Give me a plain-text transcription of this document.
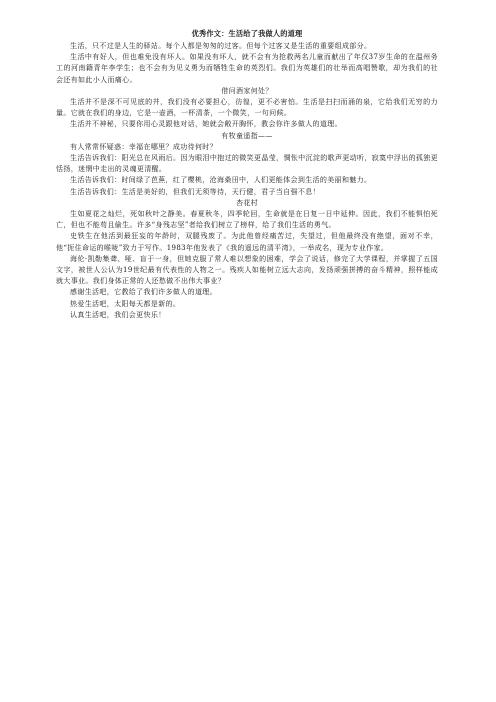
优秀作文：生活给了我做人的道理

生活，只不过是人生的驿站。每个人都是匆匆的过客。但每个过客又是生活的重要组成部分。

生活中有好人，但也难免没有坏人。如果没有坏人，就不会有为抢救两名儿童而献出了年仅37岁生命的在温州务工的河南籍青年李学生；也不会有为见义勇为而牺牲生命的英烈们。我们为英雄们的壮举而高唱赞歌，却为我们的社会还有如此小人而痛心。

借问酒家何处？

生活并不是深不可见底的井，我们没有必要担心，彷徨，更不必害怕。生活是扫扫而涌的泉，它给我们无穷的力量。它就在我们的身边，它是一壶酒，一杯清茶，一个微笑，一句问候。

生活并不神秘，只要你用心灵跟他对话，她就会敞开胸怀，教会你许多做人的道理。

有牧童遥指——

有人常常怀疑惑：幸福在哪里？成功待何时？

生活告诉我们：阳光总在风雨后。因为眼泪中抱过的微笑更晶莹，惆怅中沉淀的歌声更动听，寂寞中浮出的孤独更恬扬，迷惘中走出的灵魂更清醒。

生活告诉我们：时间绿了芭蕉，红了樱桃，沧海桑田中，人们更能体会到生活的美丽和魅力。

生活告诉我们：生活是美好的，但我们无须等待，天行健，君子当自强不息！

杏花村

生如夏花之灿烂，死如秋叶之静美。春夏秋冬，四季轮回，生命就是在日复一日中延伸。因此，我们不能惧怕死亡，但也不能苟且偷生。许多“身残志坚”者给我们树立了榜样，给了我们生活的勇气。

史铁生在他活到最狂妄的年龄时，双腿残废了。为此他曾经痛苦过，失望过，但他最终没有绝望，面对不幸，他“扼住命运的喉咙”致力于写作。1983年他发表了《我的遥远的清平湾》，一举成名，现为专业作家。

海伦·凯勒集聋、哑、盲于一身，但她克服了常人难以想象的困难，学会了说话，修完了大学课程，并掌握了五国文字，被世人公认为19世纪最有代表性的人物之一。残疾人如能树立远大志向，发扬顽强拼搏的奋斗精神，照样能成就大事业。我们身体正常的人还愁做不出伟大事业？

感谢生活吧，它教给了我们许多做人的道理。

热爱生活吧，太阳每天都是新的。

认真生活吧，我们会更快乐！
